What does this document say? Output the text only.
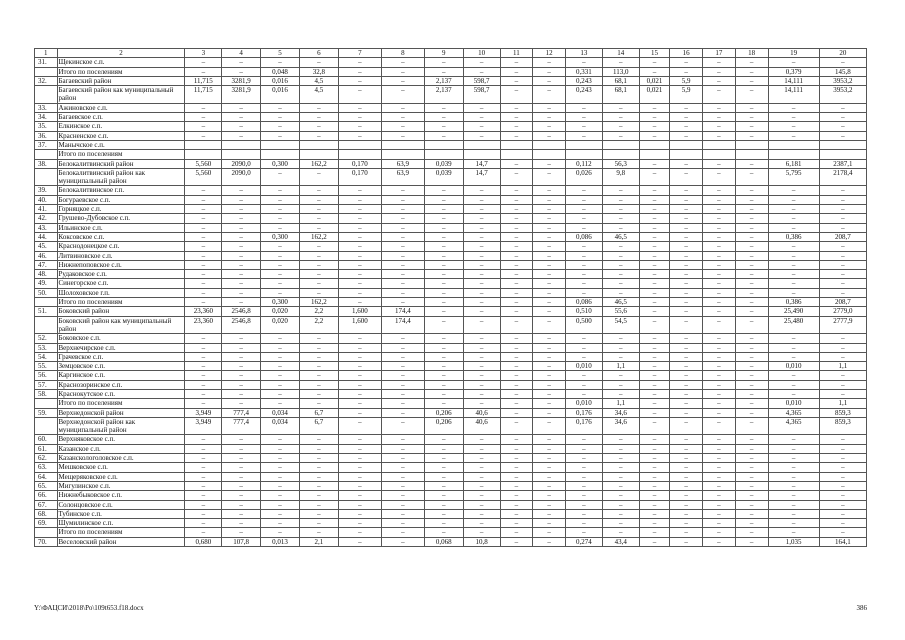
1	2	3	4	5	6	7	8	9	10	11	12	13	14	15	16	17	18	19	20
31.	Щекинское с.п.	–	–	–	–	–	–	–	–	–	–	–	–	–	–	–	–	–	–
	Итого по поселениям	–	–	0,048	32,8	–	–	–	–	–	–	0,331	113,0	–	–	–	–	0,379	145,8
32.	Багаевский район	11,715	3281,9	0,016	4,5	–	–	2,137	598,7	–	–	0,243	68,1	0,021	5,9	–	–	14,111	3953,2
	Багаевский район как муниципальный район	11,715	3281,9	0,016	4,5	–	–	2,137	598,7	–	–	0,243	68,1	0,021	5,9	–	–	14,111	3953,2
33.	Ажиновское с.п.	–	–	–	–	–	–	–	–	–	–	–	–	–	–	–	–	–	–
34.	Багаевское с.п.	–	–	–	–	–	–	–	–	–	–	–	–	–	–	–	–	–	–
35.	Елкинское с.п.	–	–	–	–	–	–	–	–	–	–	–	–	–	–	–	–	–	–
36.	Красненское с.п.	–	–	–	–	–	–	–	–	–	–	–	–	–	–	–	–	–	–
37.	Манычское с.п.																		
	Итого по поселениям																		
38.	Белокалитвинский район	5,560	2090,0	0,300	162,2	0,170	63,9	0,039	14,7	–	–	0,112	56,3	–	–	–	–	6,181	2387,1
	Белокалитвинский район как муниципальный район	5,560	2090,0	–	–	0,170	63,9	0,039	14,7	–	–	0,026	9,8	–	–	–	–	5,795	2178,4
39.	Белокалитвинское г.п.	–	–	–	–	–	–	–	–	–	–	–	–	–	–	–	–	–	–
40.	Богураевское с.п.	–	–	–	–	–	–	–	–	–	–	–	–	–	–	–	–	–	–
41.	Горняцкое с.п.	–	–	–	–	–	–	–	–	–	–	–	–	–	–	–	–	–	–
42.	Грушево-Дубовское с.п.	–	–	–	–	–	–	–	–	–	–	–	–	–	–	–	–	–	–
43.	Ильинское с.п.	–	–	–	–	–	–	–	–	–	–	–	–	–	–	–	–	–	–
44.	Коксовское с.п.	–	–	0,300	162,2	–	–	–	–	–	–	0,086	46,5	–	–	–	–	0,386	208,7
45.	Краснодонецкое с.п.	–	–	–	–	–	–	–	–	–	–	–	–	–	–	–	–	–	–
46.	Литвиновское с.п.	–	–	–	–	–	–	–	–	–	–	–	–	–	–	–	–	–	–
47.	Нижнепоповское с.п.	–	–	–	–	–	–	–	–	–	–	–	–	–	–	–	–	–	–
48.	Рудаковское с.п.	–	–	–	–	–	–	–	–	–	–	–	–	–	–	–	–	–	–
49.	Синегорское с.п.	–	–	–	–	–	–	–	–	–	–	–	–	–	–	–	–	–	–
50.	Шолоховское г.п.	–	–	–	–	–	–	–	–	–	–	–	–	–	–	–	–	–	–
	Итого по поселениям	–	–	0,300	162,2	–	–	–	–	–	–	0,086	46,5	–	–	–	–	0,386	208,7
51.	Боковский район	23,360	2546,8	0,020	2,2	1,600	174,4	–	–	–	–	0,510	55,6	–	–	–	–	25,490	2779,0
	Боковский район как муниципальный район	23,360	2546,8	0,020	2,2	1,600	174,4	–	–	–	–	0,500	54,5	–	–	–	–	25,480	2777,9
52.	Боковское с.п.	–	–	–	–	–	–	–	–	–	–	–	–	–	–	–	–	–	–
53.	Верхнечирское с.п.	–	–	–	–	–	–	–	–	–	–	–	–	–	–	–	–	–	–
54.	Грачевское с.п.	–	–	–	–	–	–	–	–	–	–	–	–	–	–	–	–	–	–
55.	Земцовское с.п.	–	–	–	–	–	–	–	–	–	–	0,010	1,1	–	–	–	–	0,010	1,1
56.	Каргинское с.п.	–	–	–	–	–	–	–	–	–	–	–	–	–	–	–	–	–	–
57.	Краснозоринское с.п.	–	–	–	–	–	–	–	–	–	–	–	–	–	–	–	–	–	–
58.	Краснокутское с.п.	–	–	–	–	–	–	–	–	–	–	–	–	–	–	–	–	–	–
	Итого по поселениям	–	–	–	–	–	–	–	–	–	–	0,010	1,1	–	–	–	–	0,010	1,1
59.	Верхнедонской район	3,949	777,4	0,034	6,7	–	–	0,206	40,6	–	–	0,176	34,6	–	–	–	–	4,365	859,3
	Верхнедонской район как муниципальный район	3,949	777,4	0,034	6,7	–	–	0,206	40,6	–	–	0,176	34,6	–	–	–	–	4,365	859,3
60.	Верхняковское с.п.	–	–	–	–	–	–	–	–	–	–	–	–	–	–	–	–	–	–
61.	Казанское с.п.	–	–	–	–	–	–	–	–	–	–	–	–	–	–	–	–	–	–
62.	Казанскологоловское с.п.	–	–	–	–	–	–	–	–	–	–	–	–	–	–	–	–	–	–
63.	Мешковское с.п.	–	–	–	–	–	–	–	–	–	–	–	–	–	–	–	–	–	–
64.	Мещеряковское с.п.	–	–	–	–	–	–	–	–	–	–	–	–	–	–	–	–	–	–
65.	Мигулинское с.п.	–	–	–	–	–	–	–	–	–	–	–	–	–	–	–	–	–	–
66.	Нижнебыковское с.п.	–	–	–	–	–	–	–	–	–	–	–	–	–	–	–	–	–	–
67.	Солонцовское с.п.	–	–	–	–	–	–	–	–	–	–	–	–	–	–	–	–	–	–
68.	Тубинское с.п.	–	–	–	–	–	–	–	–	–	–	–	–	–	–	–	–	–	–
69.	Шумилинское с.п.	–	–	–	–	–	–	–	–	–	–	–	–	–	–	–	–	–	–
	Итого по поселениям	–	–	–	–	–	–	–	–	–	–	–	–	–	–	–	–	–	–
70.	Веселовский район	0,680	107,8	0,013	2,1	–	–	0,068	10,8	–	–	0,274	43,4	–	–	–	–	1,035	164,1
Y:\ФАЦСИ\2018\Ро\109t653.f18.docx	386
